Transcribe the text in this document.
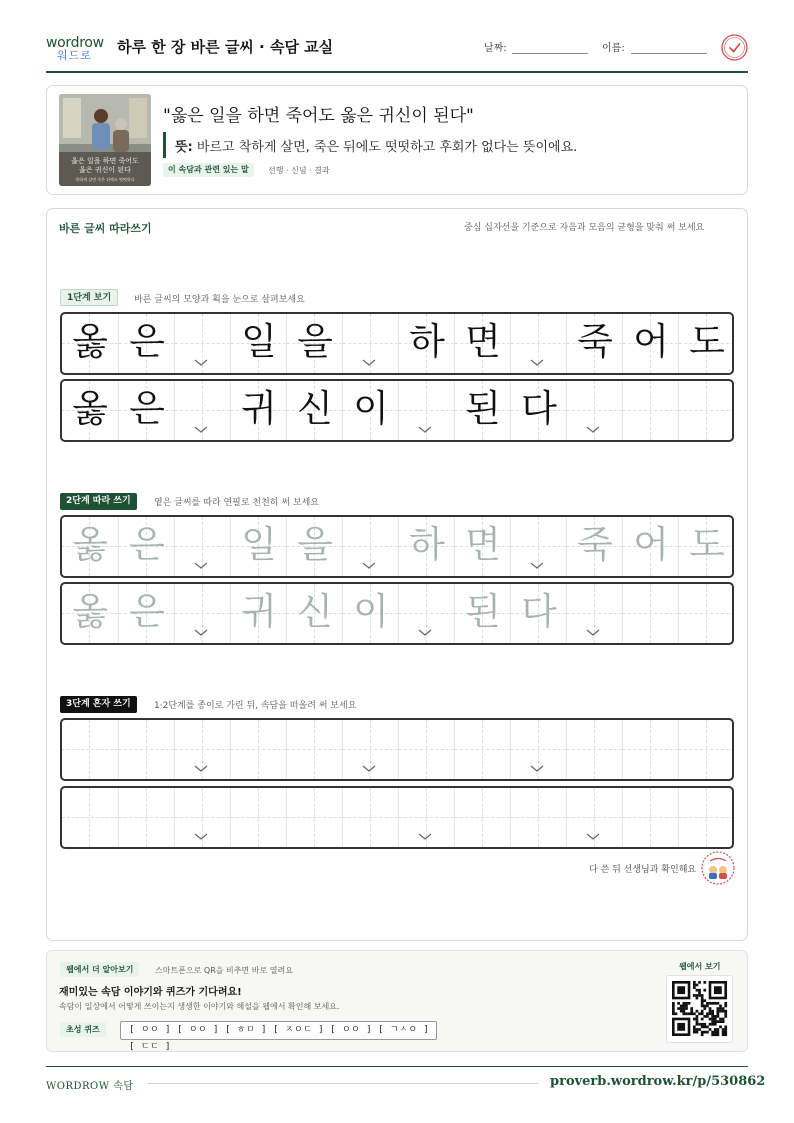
wordrow
워드로 하루 한 장 바른 글씨 · 속담 교실	날짜:	이름:
옳은 일을 하면 죽어도
옳은 귀신이 된다
착하게 살면 죽은 뒤에도 떳떳하다
"옳은 일을 하면 죽어도 옳은 귀신이 된다"
뜻: 바르고 착하게 살면, 죽은 뒤에도 떳떳하고 후회가 없다는 뜻이에요.
이 속담과 관련 있는 말	선행 · 신념 · 결과
바른 글씨 따라쓰기	중심 십자선을 기준으로 자음과 모음의 균형을 맞춰 써 보세요
1단계 보기	바른 글씨의 모양과 획을 눈으로 살펴보세요
옳 은 일 을 하 면 죽 어 도
옳 은 귀 신 이 된 다
2단계 따라 쓰기	옅은 글씨를 따라 연필로 천천히 써 보세요
옳 은 일 을 하 면 죽 어 도
옳 은 귀 신 이 된 다
3단계 혼자 쓰기	1·2단계를 종이로 가린 뒤, 속담을 떠올려 써 보세요
다 쓴 뒤 선생님과 확인해요
웹에서 더 알아보기	스마트폰으로 QR을 비추면 바로 열려요
재미있는 속담 이야기와 퀴즈가 기다려요!
속담이 일상에서 어떻게 쓰이는지 생생한 이야기와 해설을 웹에서 확인해 보세요.
초성 퀴즈	[ ㅇㅇ ] [ ㅇㅇ ] [ ㅎㅁ ] [ ㅈㅇㄷ ] [ ㅇㅇ ] [ ㄱㅅㅇ ] [ ㄷㄷ ]
웹에서 보기
WORDROW 속담	proverb.wordrow.kr/p/530862
